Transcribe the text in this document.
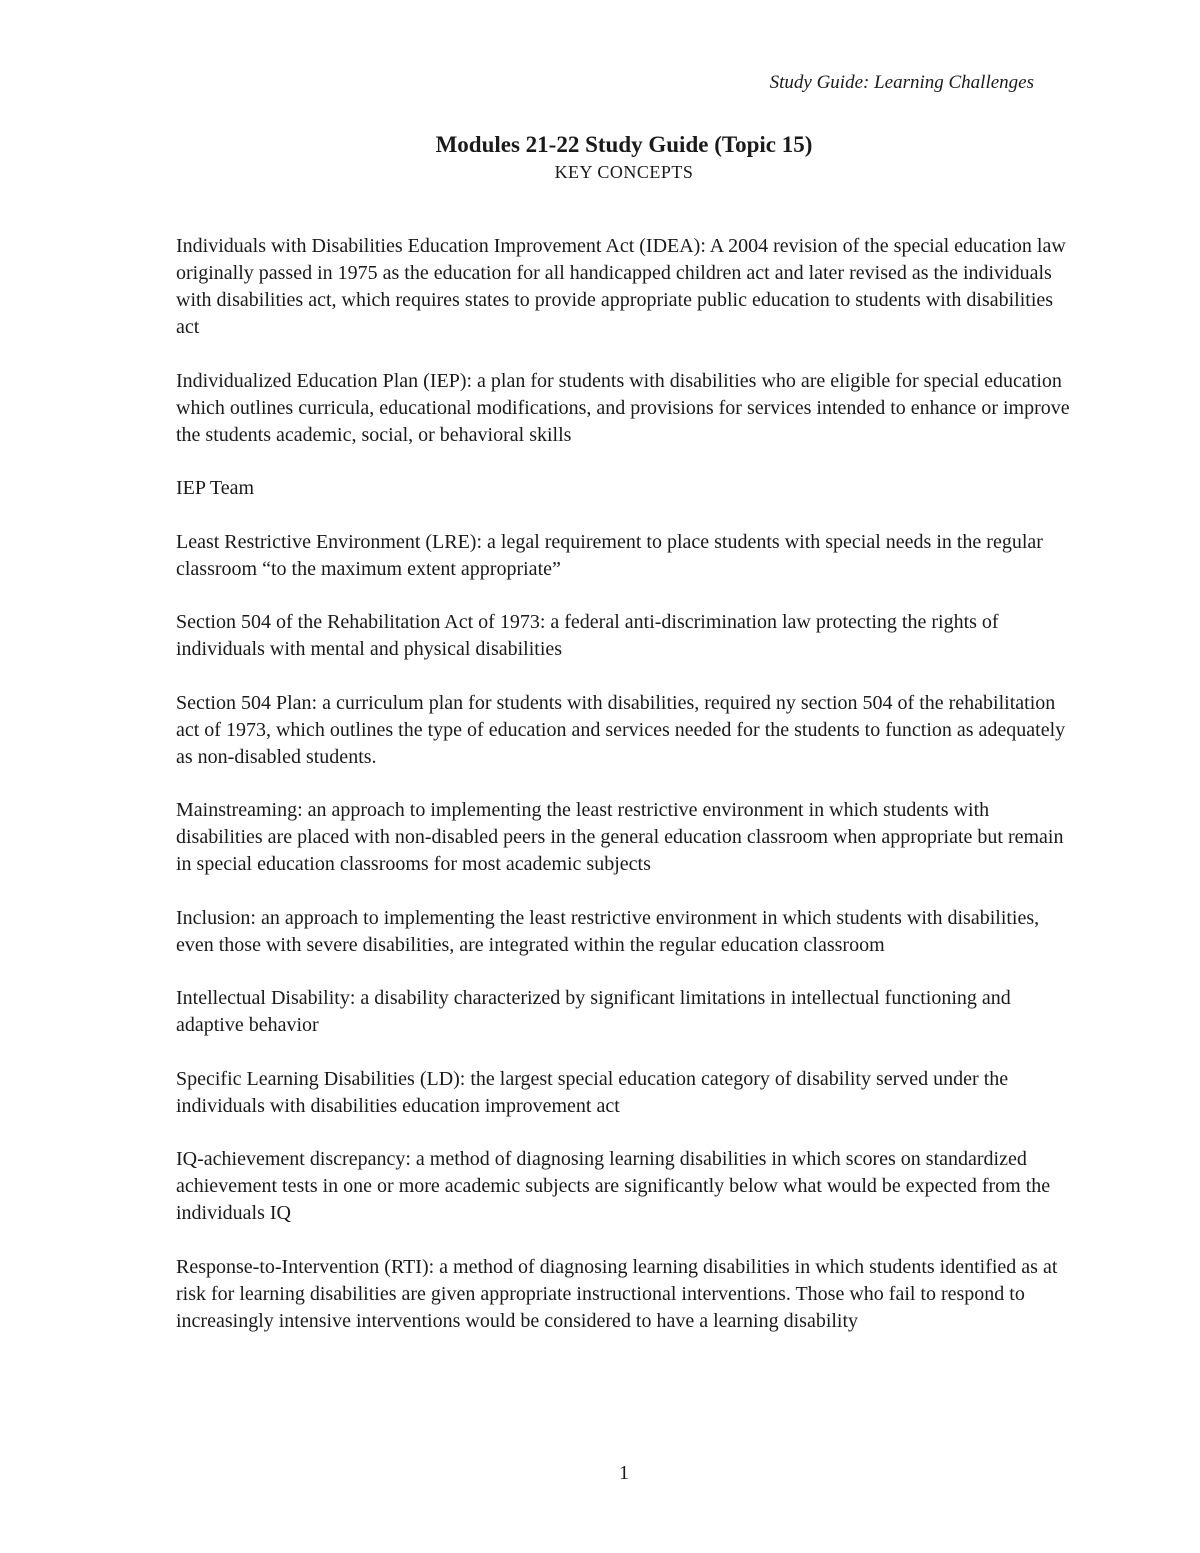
Study Guide: Learning Challenges
Modules 21-22 Study Guide (Topic 15)
KEY CONCEPTS

Individuals with Disabilities Education Improvement Act (IDEA): A 2004 revision of the special education law originally passed in 1975 as the education for all handicapped children act and later revised as the individuals with disabilities act, which requires states to provide appropriate public education to students with disabilities act

Individualized Education Plan (IEP): a plan for students with disabilities who are eligible for special education which outlines curricula, educational modifications, and provisions for services intended to enhance or improve the students academic, social, or behavioral skills

IEP Team

Least Restrictive Environment (LRE): a legal requirement to place students with special needs in the regular classroom “to the maximum extent appropriate”

Section 504 of the Rehabilitation Act of 1973: a federal anti-discrimination law protecting the rights of individuals with mental and physical disabilities

Section 504 Plan: a curriculum plan for students with disabilities, required ny section 504 of the rehabilitation act of 1973, which outlines the type of education and services needed for the students to function as adequately as non-disabled students.

Mainstreaming: an approach to implementing the least restrictive environment in which students with disabilities are placed with non-disabled peers in the general education classroom when appropriate but remain in special education classrooms for most academic subjects

Inclusion: an approach to implementing the least restrictive environment in which students with disabilities, even those with severe disabilities, are integrated within the regular education classroom

Intellectual Disability: a disability characterized by significant limitations in intellectual functioning and adaptive behavior

Specific Learning Disabilities (LD): the largest special education category of disability served under the individuals with disabilities education improvement act

IQ-achievement discrepancy: a method of diagnosing learning disabilities in which scores on standardized achievement tests in one or more academic subjects are significantly below what would be expected from the individuals IQ

Response-to-Intervention (RTI): a method of diagnosing learning disabilities in which students identified as at risk for learning disabilities are given appropriate instructional interventions. Those who fail to respond to increasingly intensive interventions would be considered to have a learning disability

1
